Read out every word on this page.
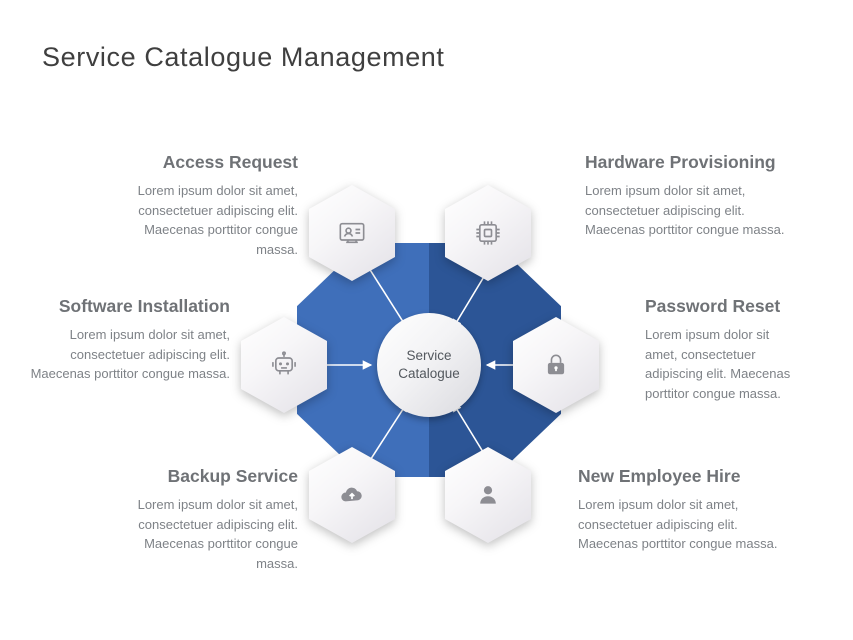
Service Catalogue Management
Access Request
Lorem ipsum dolor sit amet, consectetuer adipiscing elit. Maecenas porttitor congue massa.
Software Installation
Lorem ipsum dolor sit amet, consectetuer adipiscing elit. Maecenas porttitor congue massa.
Backup Service
Lorem ipsum dolor sit amet, consectetuer adipiscing elit. Maecenas porttitor congue massa.
Hardware Provisioning
Lorem ipsum dolor sit amet, consectetuer adipiscing elit. Maecenas porttitor congue massa.
Password Reset
Lorem ipsum dolor sit amet, consectetuer adipiscing elit. Maecenas porttitor congue massa.
New Employee Hire
Lorem ipsum dolor sit amet, consectetuer adipiscing elit. Maecenas porttitor congue massa.
Service
Catalogue
